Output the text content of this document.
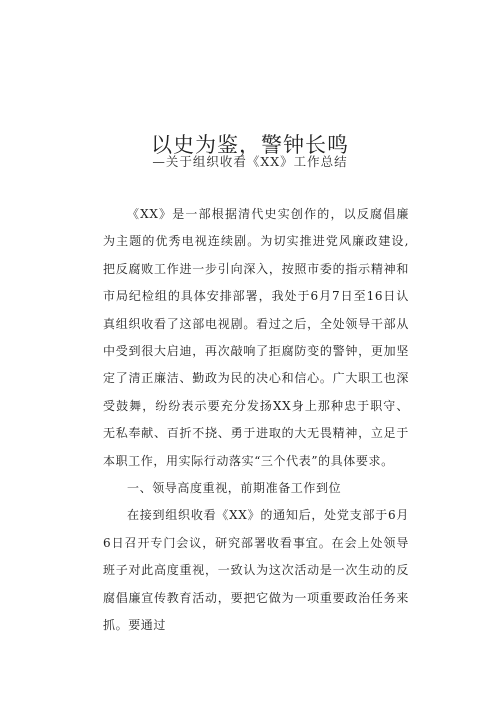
以史为鉴，警钟长鸣
—关于组织收看《XX》工作总结

《XX》是一部根据清代史实创作的，以反腐倡廉为主题的优秀电视连续剧。为切实推进党风廉政建设,把反腐败工作进一步引向深入，按照市委的指示精神和市局纪检组的具体安排部署，我处于6月7日至16日认真组织收看了这部电视剧。看过之后，全处领导干部从中受到很大启迪，再次敲响了拒腐防变的警钟，更加坚定了清正廉洁、勤政为民的决心和信心。广大职工也深受鼓舞，纷纷表示要充分发扬XX身上那种忠于职守、无私奉献、百折不挠、勇于进取的大无畏精神，立足于本职工作，用实际行动落实“三个代表”的具体要求。

一、领导高度重视，前期准备工作到位

在接到组织收看《XX》的通知后，处党支部于6月6日召开专门会议，研究部署收看事宜。在会上处领导班子对此高度重视，一致认为这次活动是一次生动的反腐倡廉宣传教育活动，要把它做为一项重要政治任务来抓。要通过
